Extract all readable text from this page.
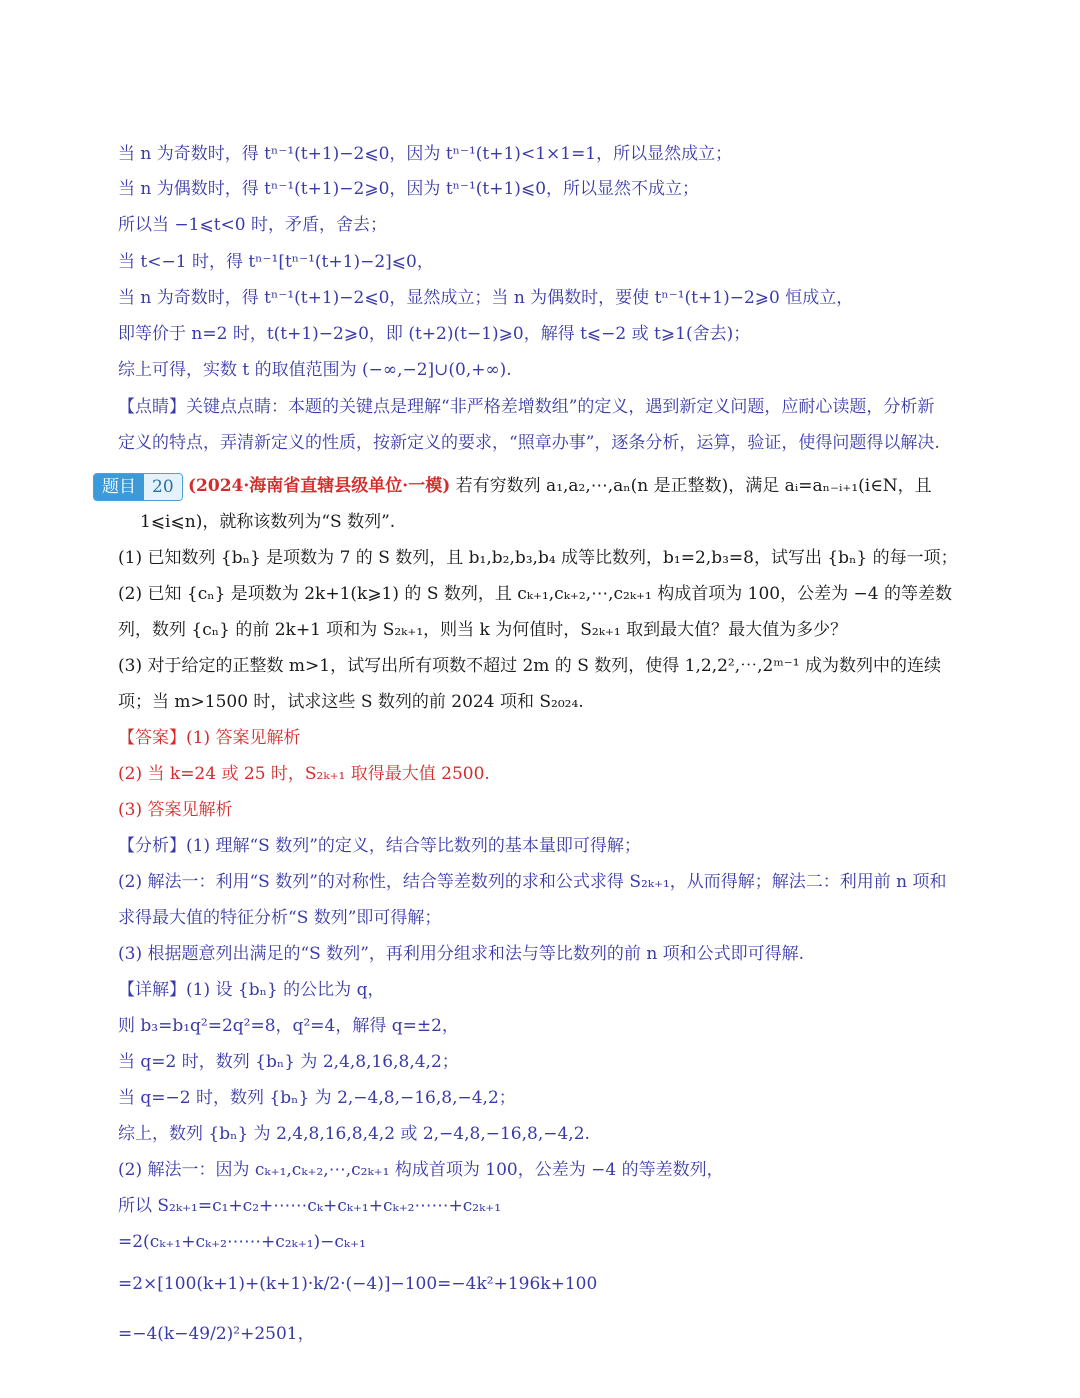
当 n 为奇数时，得 tⁿ⁻¹(t+1)−2⩽0，因为 tⁿ⁻¹(t+1)<1×1=1，所以显然成立；
当 n 为偶数时，得 tⁿ⁻¹(t+1)−2⩾0，因为 tⁿ⁻¹(t+1)⩽0，所以显然不成立；
所以当 −1⩽t<0 时，矛盾，舍去；
当 t<−1 时，得 tⁿ⁻¹[tⁿ⁻¹(t+1)−2]⩽0，
当 n 为奇数时，得 tⁿ⁻¹(t+1)−2⩽0，显然成立；当 n 为偶数时，要使 tⁿ⁻¹(t+1)−2⩾0 恒成立，
即等价于 n=2 时，t(t+1)−2⩾0，即 (t+2)(t−1)⩾0，解得 t⩽−2 或 t⩾1(舍去)；
综上可得，实数 t 的取值范围为 (−∞,−2]∪(0,+∞).
【点睛】关键点点睛：本题的关键点是理解“非严格差增数组”的定义，遇到新定义问题，应耐心读题，分析新
定义的特点，弄清新定义的性质，按新定义的要求，“照章办事”，逐条分析，运算，验证，使得问题得以解决.
题目 20 (2024·海南省直辖县级单位·一模) 若有穷数列 a₁,a₂,⋯,aₙ(n 是正整数)，满足 aᵢ=aₙ₋ᵢ₊₁(i∈N，且
1⩽i⩽n)，就称该数列为“S 数列”.
(1) 已知数列 {bₙ} 是项数为 7 的 S 数列，且 b₁,b₂,b₃,b₄ 成等比数列，b₁=2,b₃=8，试写出 {bₙ} 的每一项；
(2) 已知 {cₙ} 是项数为 2k+1(k⩾1) 的 S 数列，且 cₖ₊₁,cₖ₊₂,⋯,c₂ₖ₊₁ 构成首项为 100，公差为 −4 的等差数
列，数列 {cₙ} 的前 2k+1 项和为 S₂ₖ₊₁，则当 k 为何值时，S₂ₖ₊₁ 取到最大值？最大值为多少？
(3) 对于给定的正整数 m>1，试写出所有项数不超过 2m 的 S 数列，使得 1,2,2²,⋯,2ᵐ⁻¹ 成为数列中的连续
项；当 m>1500 时，试求这些 S 数列的前 2024 项和 S₂₀₂₄.
【答案】(1) 答案见解析
(2) 当 k=24 或 25 时，S₂ₖ₊₁ 取得最大值 2500.
(3) 答案见解析
【分析】(1) 理解“S 数列”的定义，结合等比数列的基本量即可得解；
(2) 解法一：利用“S 数列”的对称性，结合等差数列的求和公式求得 S₂ₖ₊₁，从而得解；解法二：利用前 n 项和
求得最大值的特征分析“S 数列”即可得解；
(3) 根据题意列出满足的“S 数列”，再利用分组求和法与等比数列的前 n 项和公式即可得解.
【详解】(1) 设 {bₙ} 的公比为 q，
则 b₃=b₁q²=2q²=8，q²=4，解得 q=±2，
当 q=2 时，数列 {bₙ} 为 2,4,8,16,8,4,2；
当 q=−2 时，数列 {bₙ} 为 2,−4,8,−16,8,−4,2；
综上，数列 {bₙ} 为 2,4,8,16,8,4,2 或 2,−4,8,−16,8,−4,2.
(2) 解法一：因为 cₖ₊₁,cₖ₊₂,⋯,c₂ₖ₊₁ 构成首项为 100，公差为 −4 的等差数列，
所以 S₂ₖ₊₁=c₁+c₂+⋯⋯cₖ+cₖ₊₁+cₖ₊₂⋯⋯+c₂ₖ₊₁
=2(cₖ₊₁+cₖ₊₂⋯⋯+c₂ₖ₊₁)−cₖ₊₁
=2×[100(k+1)+(k+1)·k/2·(−4)]−100=−4k²+196k+100
=−4(k−49/2)²+2501，
